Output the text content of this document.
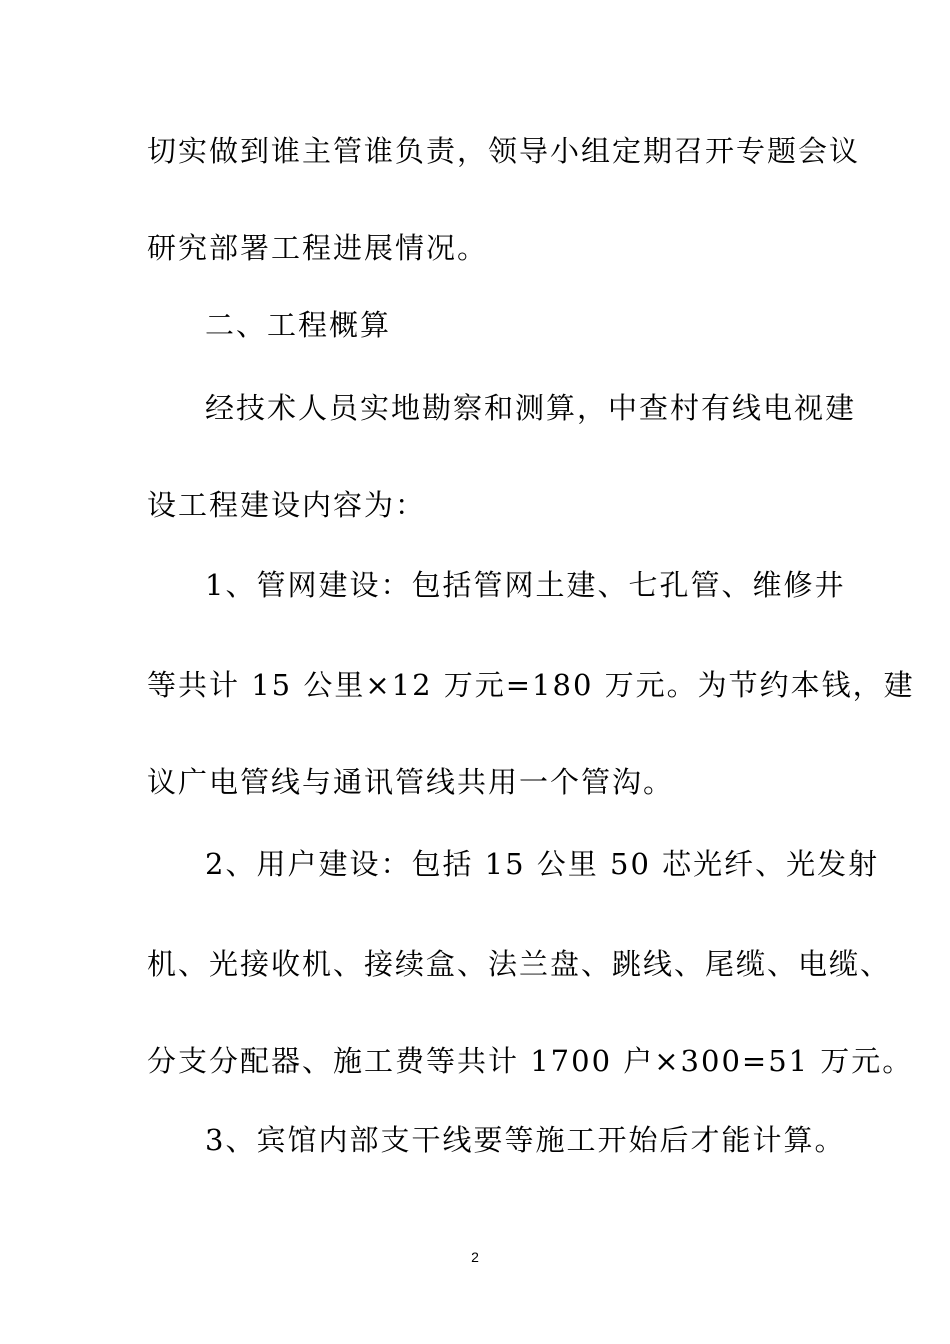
切实做到谁主管谁负责，领导小组定期召开专题会议
研究部署工程进展情况。
二、工程概算
经技术人员实地勘察和测算，中查村有线电视建
设工程建设内容为：
1、管网建设：包括管网土建、七孔管、维修井
等共计 15 公里×12 万元=180 万元。为节约本钱，建
议广电管线与通讯管线共用一个管沟。
2、用户建设：包括 15 公里 50 芯光纤、光发射
机、光接收机、接续盒、法兰盘、跳线、尾缆、电缆、
分支分配器、施工费等共计 1700 户×300=51 万元。
3、宾馆内部支干线要等施工开始后才能计算。
2
